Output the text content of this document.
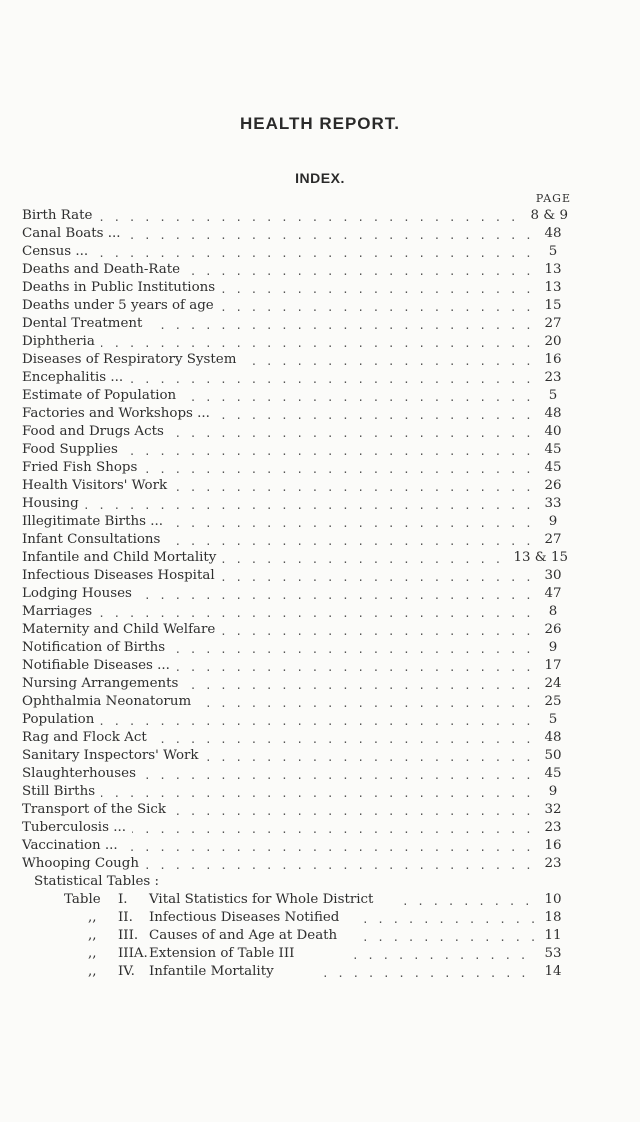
HEALTH REPORT.
INDEX.
PAGE
Birth Rate . . .	8 & 9
Canal Boats ... . . .	48
Census ... . . .	5
Deaths and Death-Rate . . .	13
Deaths in Public Institutions . . .	13
Deaths under 5 years of age . . .	15
Dental Treatment . . .	27
Diphtheria . . .	20
Diseases of Respiratory System . . .	16
Encephalitis ... . . .	23
Estimate of Population . . .	5
Factories and Workshops ... . . .	48
Food and Drugs Acts . . .	40
Food Supplies . . .	45
Fried Fish Shops . . .	45
Health Visitors' Work . . .	26
Housing . . .	33
Illegitimate Births ... . . .	9
Infant Consultations . . .	27
Infantile and Child Mortality . . .	13 & 15
Infectious Diseases Hospital . . .	30
Lodging Houses . . .	47
Marriages . . .	8
Maternity and Child Welfare . . .	26
Notification of Births . . .	9
Notifiable Diseases ... . . .	17
Nursing Arrangements . . .	24
Ophthalmia Neonatorum . . .	25
Population . . .	5
Rag and Flock Act . . .	48
Sanitary Inspectors' Work . . .	50
Slaughterhouses . . .	45
Still Births . . .	9
Transport of the Sick . . .	32
Tuberculosis ... . . .	23
Vaccination ... . . .	16
Whooping Cough . . .	23
Statistical Tables :
Table I. Vital Statistics for Whole District . . .	10
,, II. Infectious Diseases Notified . . .	18
,, III. Causes of and Age at Death . . .	11
,, IIIA. Extension of Table III . . .	53
,, IV. Infantile Mortality . . .	14
